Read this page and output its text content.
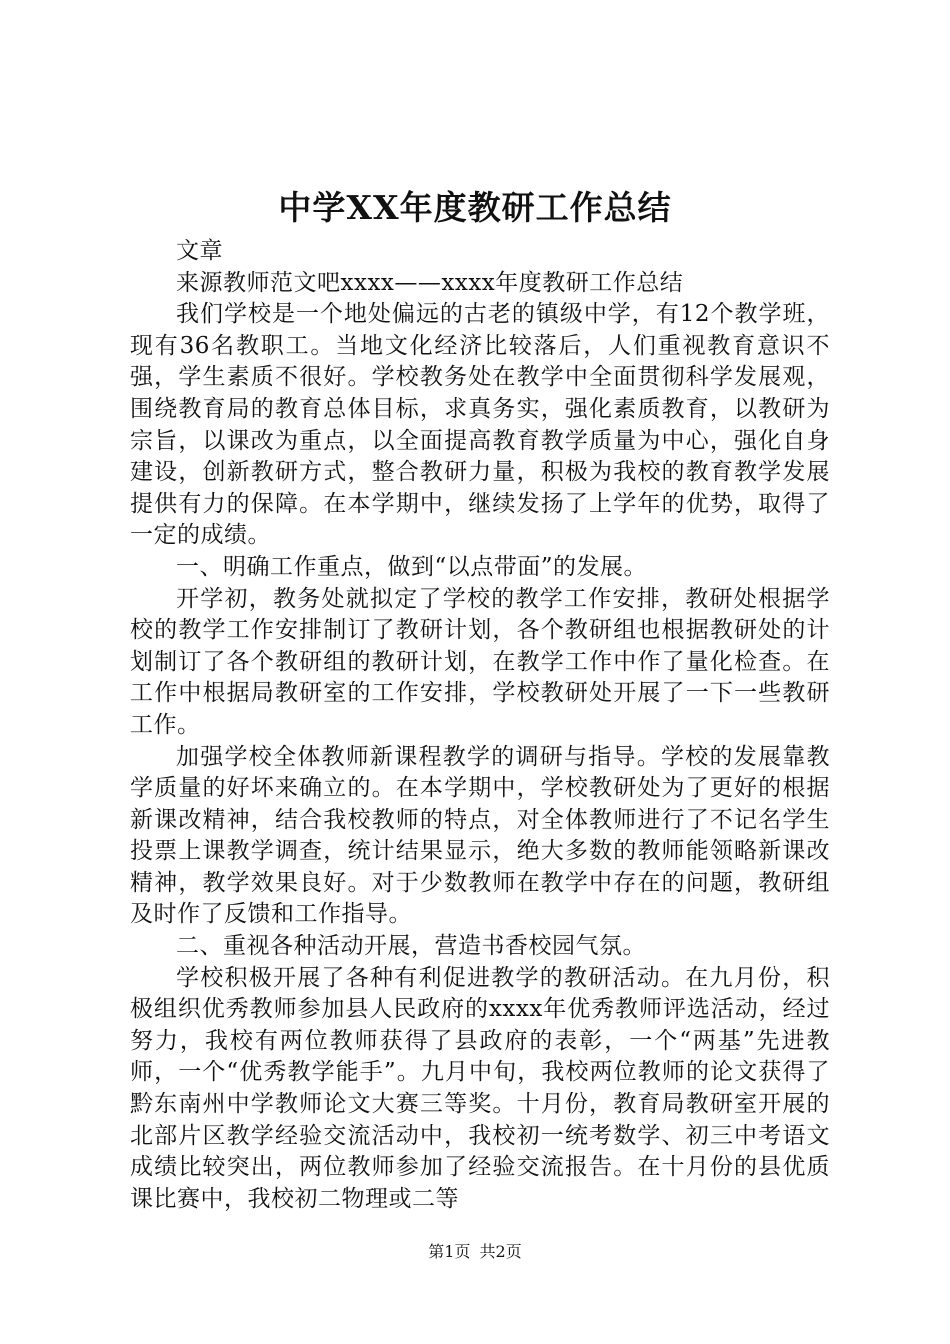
中学XX年度教研工作总结

文章

来源教师范文吧xxxx——xxxx年度教研工作总结

我们学校是一个地处偏远的古老的镇级中学，有12个教学班，现有36名教职工。当地文化经济比较落后，人们重视教育意识不强，学生素质不很好。学校教务处在教学中全面贯彻科学发展观，围绕教育局的教育总体目标，求真务实，强化素质教育，以教研为宗旨，以课改为重点，以全面提高教育教学质量为中心，强化自身建设，创新教研方式，整合教研力量，积极为我校的教育教学发展提供有力的保障。在本学期中，继续发扬了上学年的优势，取得了一定的成绩。

一、明确工作重点，做到“以点带面”的发展。

开学初，教务处就拟定了学校的教学工作安排，教研处根据学校的教学工作安排制订了教研计划，各个教研组也根据教研处的计划制订了各个教研组的教研计划，在教学工作中作了量化检查。在工作中根据局教研室的工作安排，学校教研处开展了一下一些教研工作。

加强学校全体教师新课程教学的调研与指导。学校的发展靠教学质量的好坏来确立的。在本学期中，学校教研处为了更好的根据新课改精神，结合我校教师的特点，对全体教师进行了不记名学生投票上课教学调查，统计结果显示，绝大多数的教师能领略新课改精神，教学效果良好。对于少数教师在教学中存在的问题，教研组及时作了反馈和工作指导。

二、重视各种活动开展，营造书香校园气氛。

学校积极开展了各种有利促进教学的教研活动。在九月份，积极组织优秀教师参加县人民政府的xxxx年优秀教师评选活动，经过努力，我校有两位教师获得了县政府的表彰，一个“两基”先进教师，一个“优秀教学能手”。九月中旬，我校两位教师的论文获得了黔东南州中学教师论文大赛三等奖。十月份，教育局教研室开展的北部片区教学经验交流活动中，我校初一统考数学、初三中考语文成绩比较突出，两位教师参加了经验交流报告。在十月份的县优质课比赛中，我校初二物理或二等

第1页 共2页
